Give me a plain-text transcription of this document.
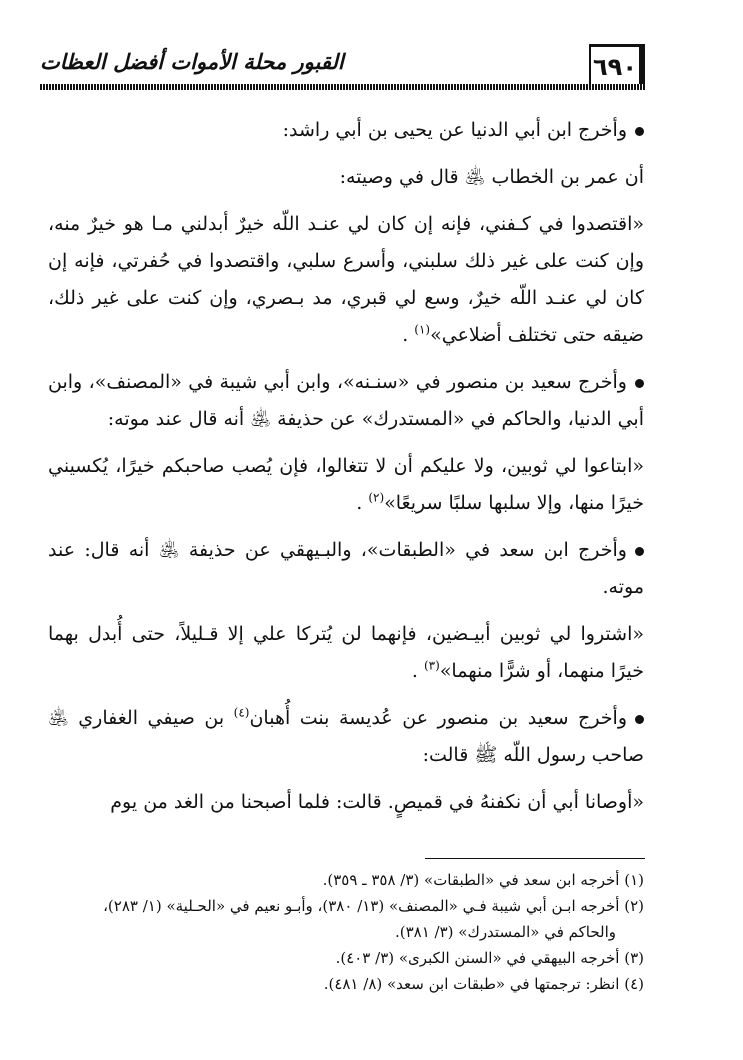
القبور محلة الأموات أفضل العظات	٦٩٠

وأخرج ابن أبي الدنيا عن يحيى بن أبي راشد:

أن عمر بن الخطاب ﵁ قال في وصيته:

«اقتصدوا في كـفني، فإنه إن كان لي عنـد اللّه خيرٌ أبدلني مـا هو خيرٌ منه، وإن كنت على غير ذلك سلبني، وأسرع سلبي، واقتصدوا في حُفرتي، فإنه إن كان لي عنـد اللّه خيرٌ، وسع لي قبري، مد بـصري، وإن كنت على غير ذلك، ضيقه حتى تختلف أضلاعي»$^{(١)}$ .

وأخرج سعيد بن منصور في «سنـنه»، وابن أبي شيبة في «المصنف»، وابن أبي الدنيا، والحاكم في «المستدرك» عن حذيفة ﵁ أنه قال عند موته:

«ابتاعوا لي ثوبين، ولا عليكم أن لا تتغالوا، فإن يُصب صاحبكم خيرًا، يُكسيني خيرًا منها، وإلا سلبها سلبًا سريعًا»$^{(٢)}$ .

وأخرج ابن سعد في «الطبقات»، والبـيهقي عن حذيفة ﵁ أنه قال: عند موته.

«اشتروا لي ثوبين أبيـضين، فإنهما لن يُتركا علي إلا قـليلاً، حتى أُبدل بهما خيرًا منهما، أو شرًّا منهما»$^{(٣)}$ .

وأخرج سعيد بن منصور عن عُديسة بنت أُهبان$^{(٤)}$ بن صيفي الغفاري ﵁ صاحب رسول اللّه ﷺ قالت:

«أوصانا أبي أن نكفنهُ في قميصٍ. قالت: فلما أصبحنا من الغد من يوم

(١) أخرجه ابن سعد في «الطبقات» (٣/ ٣٥٨ ـ ٣٥٩).

(٢) أخرجه ابـن أبي شيبة فـي «المصنف» (١٣/ ٣٨٠)، وأبـو نعيم في «الحـلية» (١/ ٢٨٣)،

والحاكم في «المستدرك» (٣/ ٣٨١).

(٣) أخرجه البيهقي في «السنن الكبرى» (٣/ ٤٠٣).

(٤) انظر: ترجمتها في «طبقات ابن سعد» (٨/ ٤٨١).
